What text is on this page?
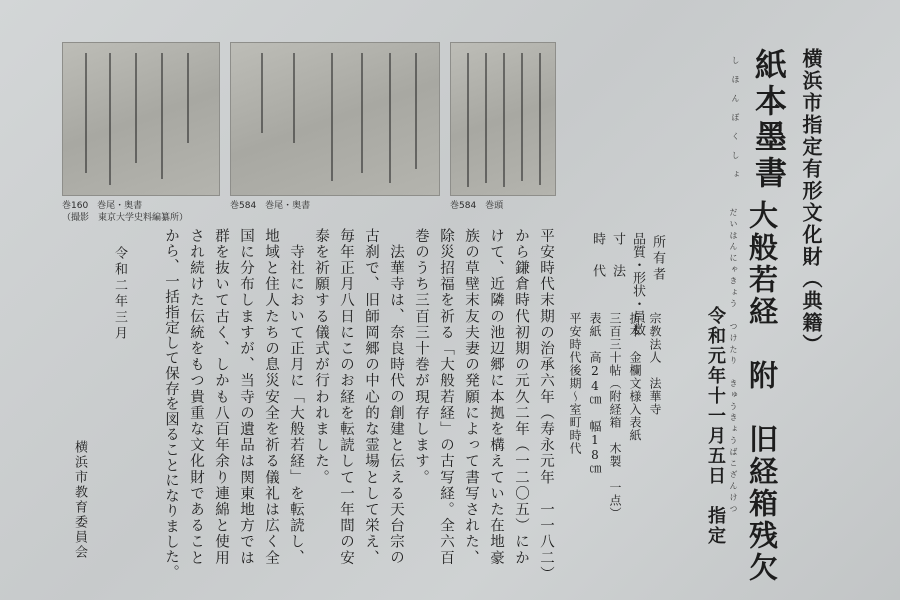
巻160　巻尾・奥書
（撮影　東京大学史料編纂所）
巻584　巻尾・奥書	巻584　巻頭	横浜市指定有形文化財（典籍）
紙本墨書
しほんぼくしょ
大般若経　附　旧経箱残欠
だいはんにゃきょう　つけたり　きゅうきょうばこざんけつ
令和元年十一月五日　指定
所有者
宗教法人　法華寺
品質・形状・員数
折本　金欄文様入表紙
三百三十帖（附経箱　木製　一点）
寸　法
表紙　高24㎝　幅18㎝
時　代
平安時代後期〜室町時代
平安時代末期の治承六年（寿永元年　一一八二）
から鎌倉時代初期の元久二年（一二〇五）にか
けて、近隣の池辺郷に本拠を構えていた在地豪
族の草壁末友夫妻の発願によって書写された、
除災招福を祈る「大般若経」の古写経。全六百
巻のうち三百三十巻が現存します。
法華寺は、奈良時代の創建と伝える天台宗の
古刹で、旧師岡郷の中心的な霊場として栄え、
毎年正月八日にこのお経を転読して一年間の安
泰を祈願する儀式が行われました。
寺社において正月に「大般若経」を転読し、
地域と住人たちの息災安全を祈る儀礼は広く全
国に分布しますが、当寺の遺品は関東地方では
群を抜いて古く、しかも八百年余り連綿と使用
され続けた伝統をもつ貴重な文化財であること
から、一括指定して保存を図ることになりました。
令和二年三月
横浜市教育委員会
